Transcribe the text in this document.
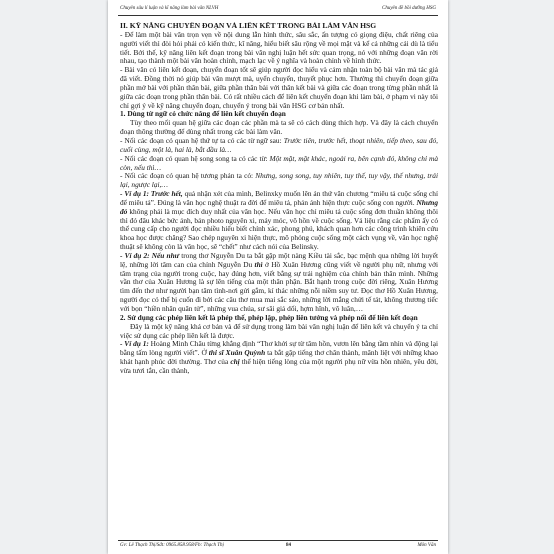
Chuyên sâu lí luận và kĩ năng làm bài văn NLVH	Chuyên đề bồi dưỡng HSG

II. KỸ NĂNG CHUYỂN ĐOẠN VÀ LIÊN KẾT TRONG BÀI LÀM VĂN HSG

- Để làm một bài văn trọn vẹn về nội dung lẫn hình thức, sâu sắc, ấn tượng có giọng điệu, chất riêng của người viết thì đòi hỏi phải có kiến thức, kĩ năng, hiểu biết sâu rộng về mọi mặt và kể cả những cái dù là tiểu tiết. Bởi thế, kỹ năng liên kết đoạn trong bài văn nghị luận hết sức quan trọng, nó với những đoạn văn rời nhau, tạo thành một bài văn hoàn chỉnh, mạch lạc về ý nghĩa và hoàn chỉnh về hình thức.

- Bài văn có liên kết đoạn, chuyển đoạn tốt sẽ giúp người đọc hiểu và cảm nhận toàn bộ bài văn mà tác giả đã viết. Đồng thời nó giúp bài văn mượt mà, uyển chuyển, thuyết phục hơn. Thường thì chuyển đoạn giữa phần mở bài với phần thân bài, giữa phần thân bài với thân kết bài và giữa các đoạn trong từng phần nhất là giữa các đoạn trong phần thân bài. Có rất nhiều cách để liên kết chuyển đoạn khi làm bài, ở phạm vi này tôi chỉ gợi ý về kỹ năng chuyển đoạn, chuyển ý trong bài văn HSG cơ bản nhất.

1. Dùng từ ngữ có chức năng để liên kết chuyển đoạn

Tùy theo mối quan hệ giữa các đoạn các phần mà ta sẽ có cách dùng thích hợp. Và đây là cách chuyển đoạn thông thường để dùng nhất trong các bài làm văn.

- Nối các đoạn có quan hệ thứ tự ta có các từ ngữ sau: Trước tiên, trước hết, thoạt nhiên, tiếp theo, sau đó, cuối cùng, một là, hai là, bắt đầu là…

- Nối các đoạn có quan hệ song song ta có các từ: Một mặt, mặt khác, ngoài ra, bên cạnh đó, không chỉ mà còn, nếu thì…

- Nối các đoạn có quan hệ tương phản ta có: Nhưng, song song, tuy nhiên, tuy thế, tuy vậy, thế nhưng, trái lại, ngược lại,…

- Ví dụ 1: Trước hết, quả nhận xét của mình, Belinxky muốn lên án thứ văn chương “miêu tả cuộc sống chỉ để miêu tả”. Đúng là văn học nghệ thuật ra đời để miêu tả, phản ánh hiện thực cuộc sống con người. Nhưng đó không phải là mục đích duy nhất của văn học. Nếu văn học chỉ miêu tả cuộc sống đơn thuần không thôi thì đó đâu khác bức ảnh, bản photo nguyên xi, máy móc, vô hồn về cuộc sống. Vả liệu rằng các phẩm ấy có thể cung cấp cho người đọc nhiều hiểu biết chính xác, phong phú, khách quan hơn các công trình khiên cứu khoa học được chăng? Sao chép nguyên xi hiện thực, mô phỏng cuộc sống một cách vụng về, văn học nghệ thuật sẽ không còn là văn học, sẽ “chết” như cách nói của Belinsky.

- Ví dụ 2: Nếu như trong thơ Nguyễn Du ta bắt gặp một nàng Kiều tài sắc, bạc mệnh qua những lời huyết lệ, những lời tâm can của chính Nguyễn Du thì ở Hồ Xuân Hương cũng viết về người phụ nữ, nhưng với tâm trạng của người trong cuộc, hay đúng hơn, viết bằng sự trải nghiệm của chính bản thân mình. Những vần thơ của Xuân Hương là sự lên tiếng của một thân phận. Bắt hạnh trong cuộc đời riêng, Xuân Hương tìm đến thơ như người bạn tâm tình-nơi gửi gắm, kí thác những nỗi niềm suy tư. Đọc thơ Hồ Xuân Hương, người đọc có thể bị cuốn đi bởi các câu thơ mua mai sắc sảo, những lời mắng chửi tế tát, không thương tiếc với bọn “hiền nhân quân tử”, những vua chúa, sư sãi giả dối, hợm hĩnh, vô luân,…

2. Sử dụng các phép liên kết là phép thế, phép lặp, phép liên tưởng và phép nối để liên kết đoạn

Đây là một kỹ năng khá cơ bản và để sử dụng trong làm bài văn nghị luận để liên kết và chuyển ý ta chỉ việc sử dụng các phép liên kết là được.

- Ví dụ 1: Hoàng Minh Châu từng khẳng định “Thơ khởi sự từ tâm hồn, vươn lên bằng tầm nhìn và động lại bằng tấm lòng người viết”. Ở thi sĩ Xuân Quỳnh ta bắt gặp tiếng thơ chân thành, mãnh liệt với những khao khát hạnh phúc đời thường. Thơ của chị thể hiện tiếng lòng của một người phụ nữ vừa hồn nhiên, yêu đời, vừa tươi tắn, cần thành,

Gv: Lê Thạch Thị/Sđt: 0965.858.958/Fb: Thạch Thị	84	Môn Văn
